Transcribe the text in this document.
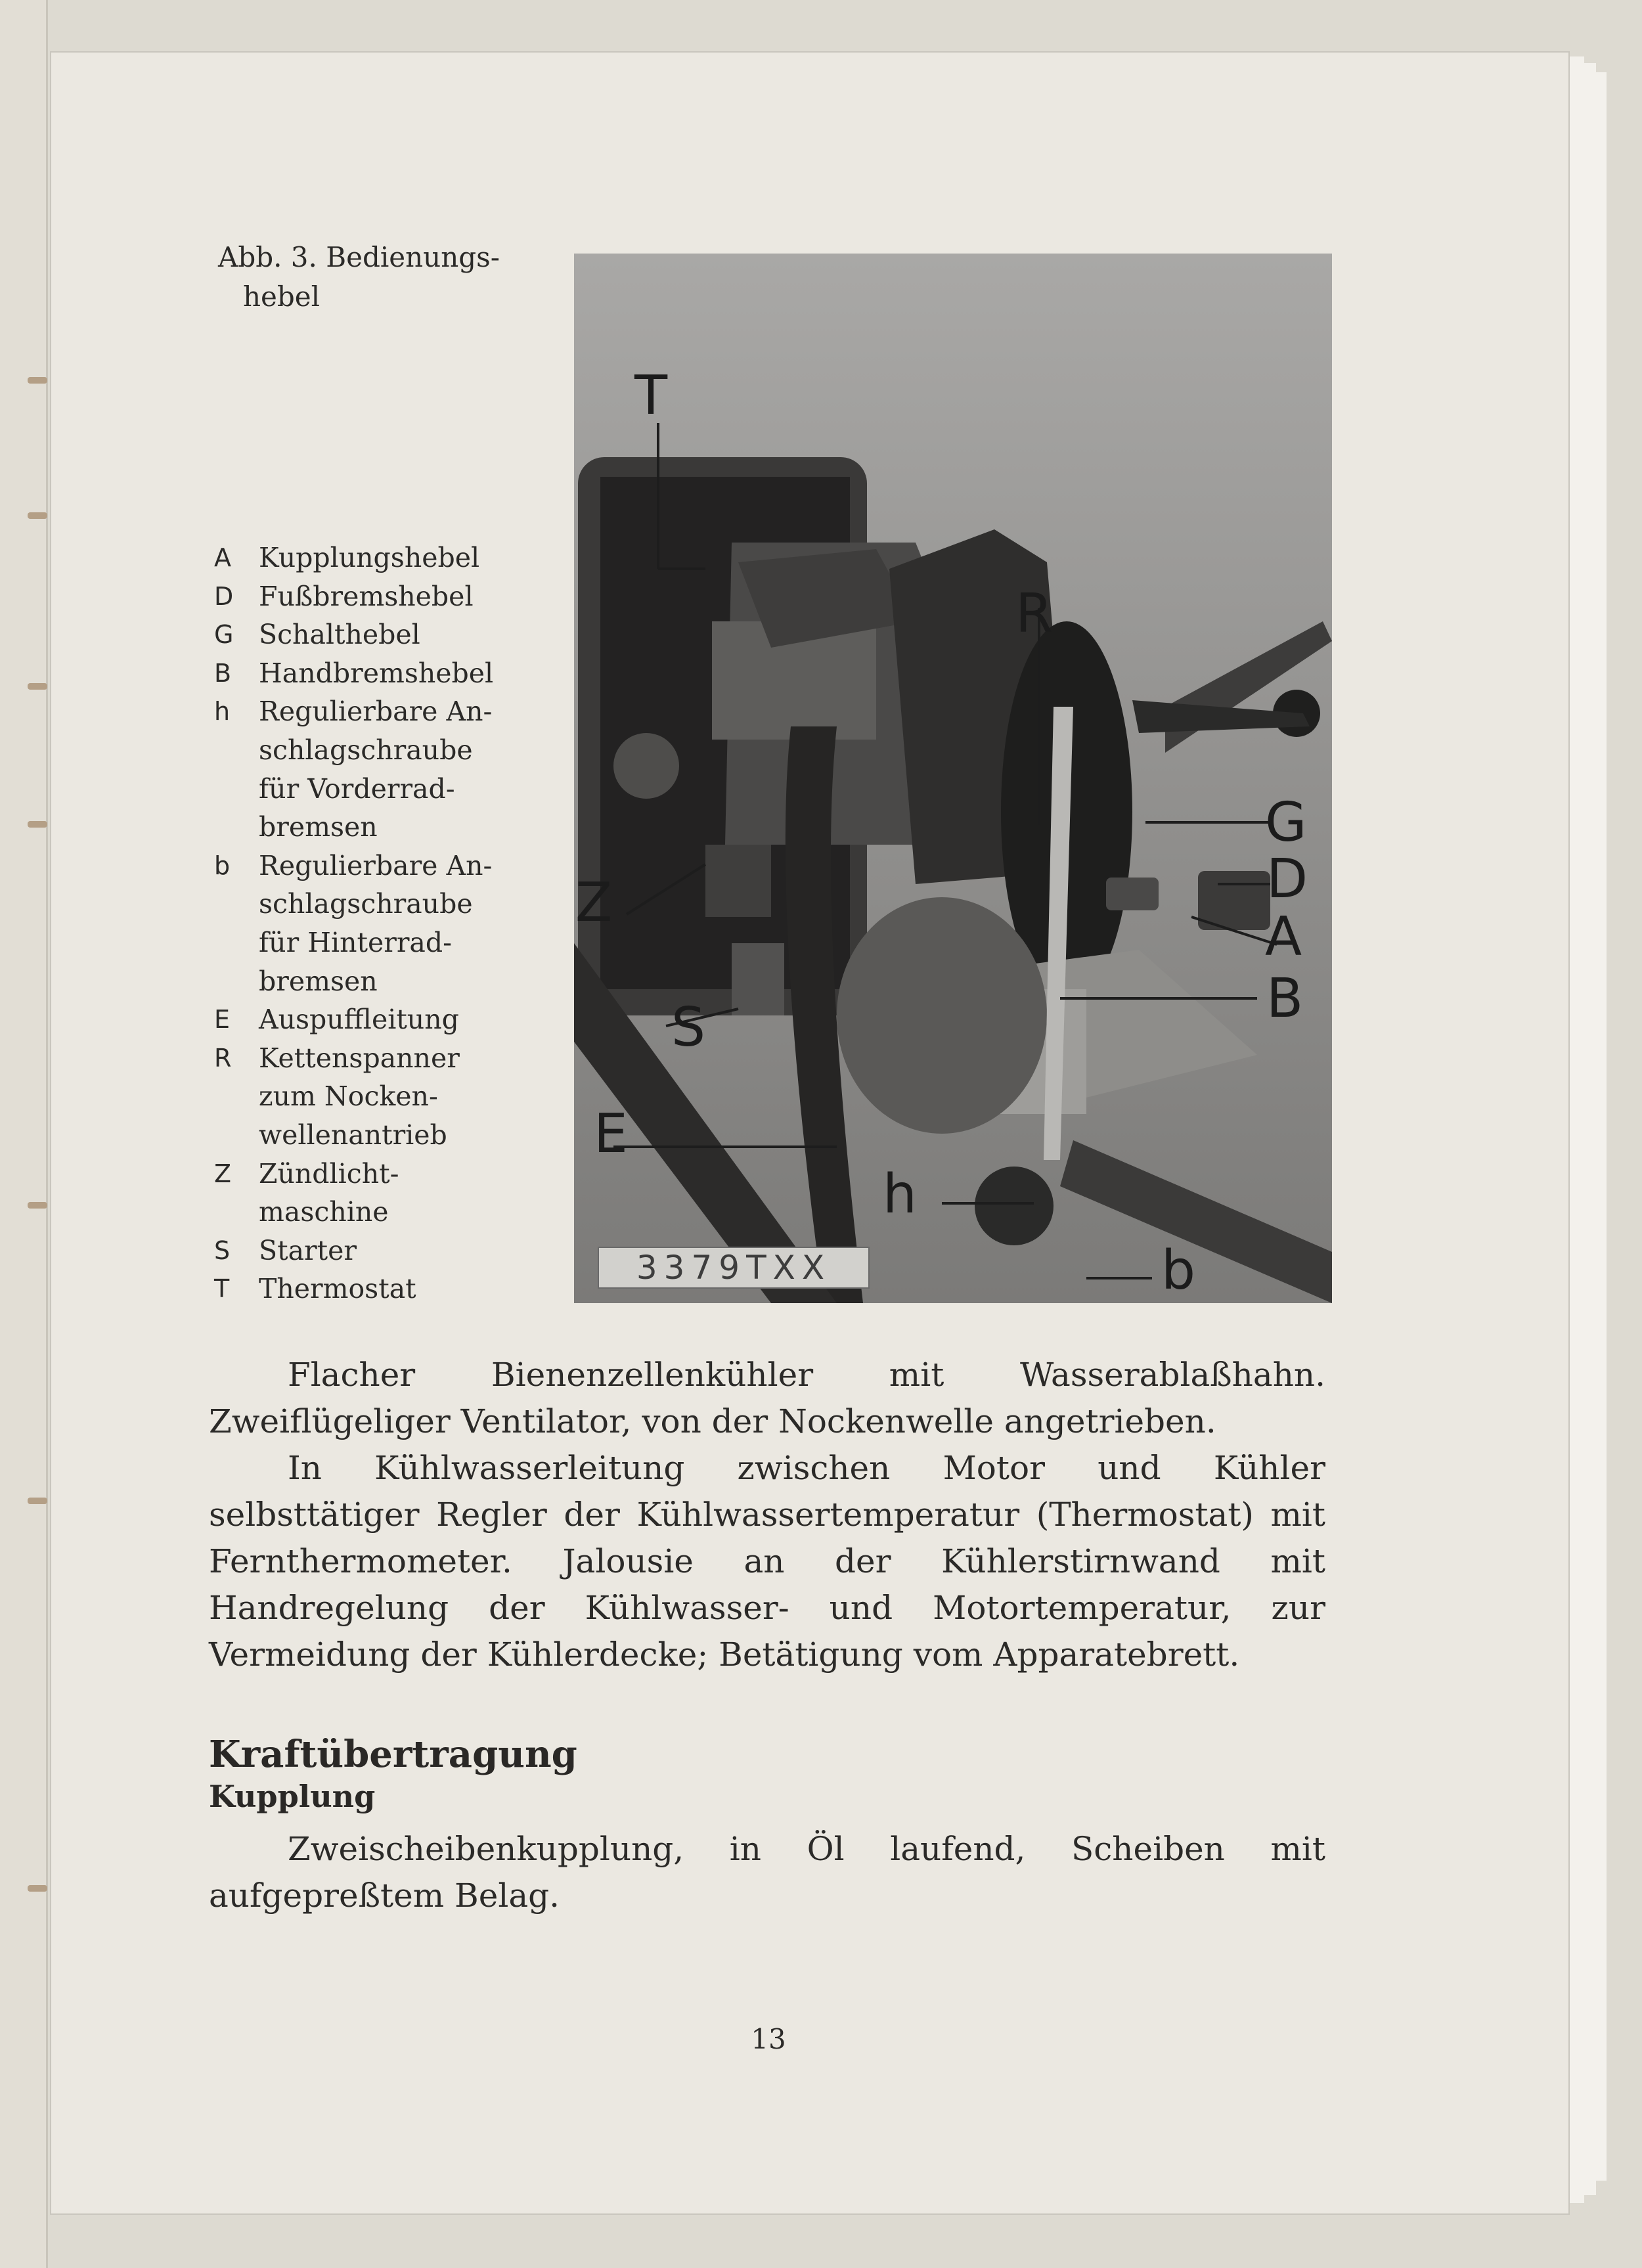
Abb. 3. Bedienungs-
hebel
A	Kupplungshebel
D Fußbremshebel
G Schalthebel
B	Handbremshebel
h	Regulierbare An-
schlagschraube
für Vorderrad-
bremsen
b	Regulierbare An-
schlagschraube
für Hinterrad-
bremsen
E	Auspuffleitung
R	Kettenspanner
zum Nocken-
wellenantrieb
Z	Zündlicht-
maschine
S	Starter
T	Thermostat
T
R
G
D
A
B
Z
S
E
h
b
3379TXX

Flacher Bienenzellenkühler mit Wasserablaßhahn. Zweiflügeliger Ventilator, von der Nockenwelle angetrieben.

In Kühlwasserleitung zwischen Motor und Kühler selbsttätiger Regler der Kühlwassertemperatur (Thermostat) mit Fernthermometer. Jalousie an der Kühlerstirnwand mit Handregelung der Kühlwasser- und Motortemperatur, zur Vermeidung der Kühlerdecke; Betätigung vom Apparatebrett.

Kraftübertragung
Kupplung

Zweischeibenkupplung, in Öl laufend, Scheiben mit aufgepreßtem Belag.

13
